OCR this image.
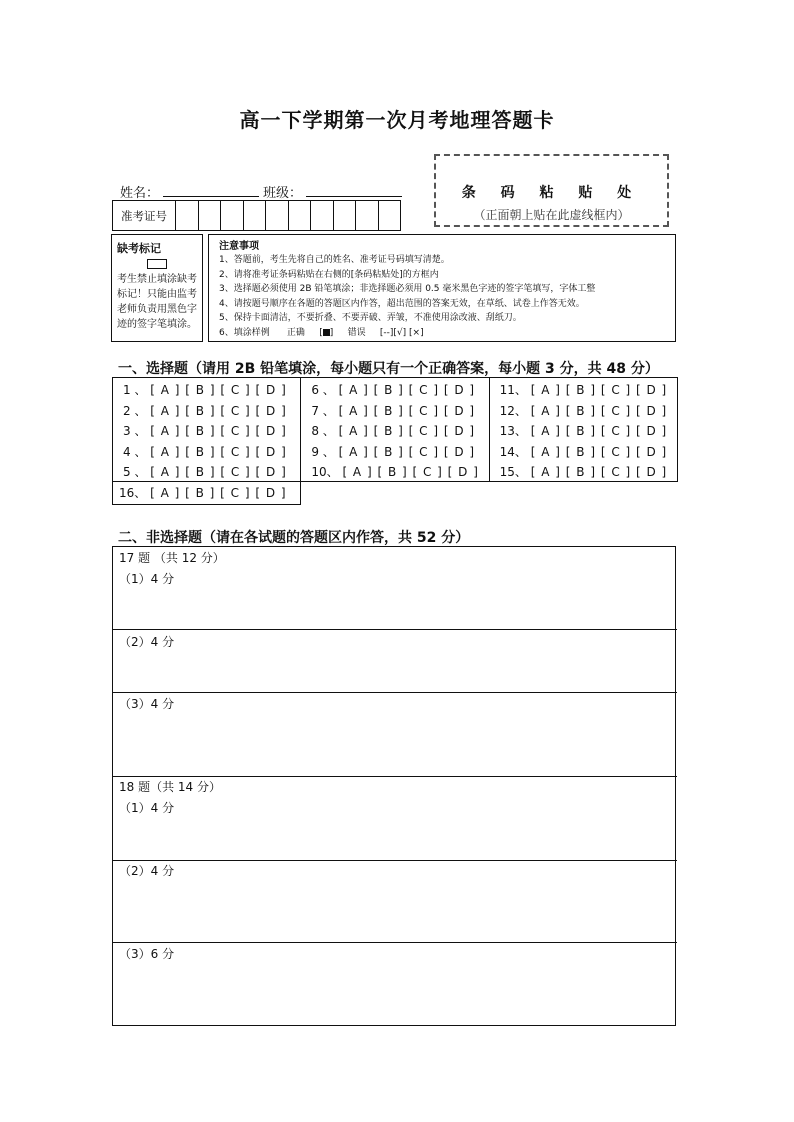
高一下学期第一次月考地理答题卡
条 码 粘 贴 处
（正面朝上贴在此虚线框内）
姓名：	班级：
准考证号
缺考标记
考生禁止填涂缺考标记！只能由监考老师负责用黑色字迹的签字笔填涂。
注意事项
1、答题前，考生先将自己的姓名、准考证号码填写清楚。
2、请将准考证条码粘贴在右侧的[条码粘贴处]的方框内
3、选择题必须使用 2B 铅笔填涂；非选择题必须用 0.5 毫米黑色字迹的签字笔填写，字体工整
4、请按题号顺序在各题的答题区内作答，超出范围的答案无效，在草纸、试卷上作答无效。
5、保持卡面清洁，不要折叠、不要弄破、弄皱，不准使用涂改液、刮纸刀。
6、填涂样例 正确 [ ] 错误 [--][√] [×]
一、选择题（请用 2B 铅笔填涂，每小题只有一个正确答案，每小题 3 分，共 48 分）
1 、 [ A ] [ B ] [ C ] [ D ]
2 、 [ A ] [ B ] [ C ] [ D ]
3 、 [ A ] [ B ] [ C ] [ D ]
4 、 [ A ] [ B ] [ C ] [ D ]
5 、 [ A ] [ B ] [ C ] [ D ]
6 、 [ A ] [ B ] [ C ] [ D ]
7 、 [ A ] [ B ] [ C ] [ D ]
8 、 [ A ] [ B ] [ C ] [ D ]
9 、 [ A ] [ B ] [ C ] [ D ]
10、 [ A ] [ B ] [ C ] [ D ]
11、 [ A ] [ B ] [ C ] [ D ]
12、 [ A ] [ B ] [ C ] [ D ]
13、 [ A ] [ B ] [ C ] [ D ]
14、 [ A ] [ B ] [ C ] [ D ]
15、 [ A ] [ B ] [ C ] [ D ]
16、 [ A ] [ B ] [ C ] [ D ]
二、非选择题（请在各试题的答题区内作答，共 52 分）
17 题 （共 12 分）
（1）4 分
（2）4 分
（3）4 分
18 题（共 14 分）
（1）4 分
（2）4 分
（3）6 分
